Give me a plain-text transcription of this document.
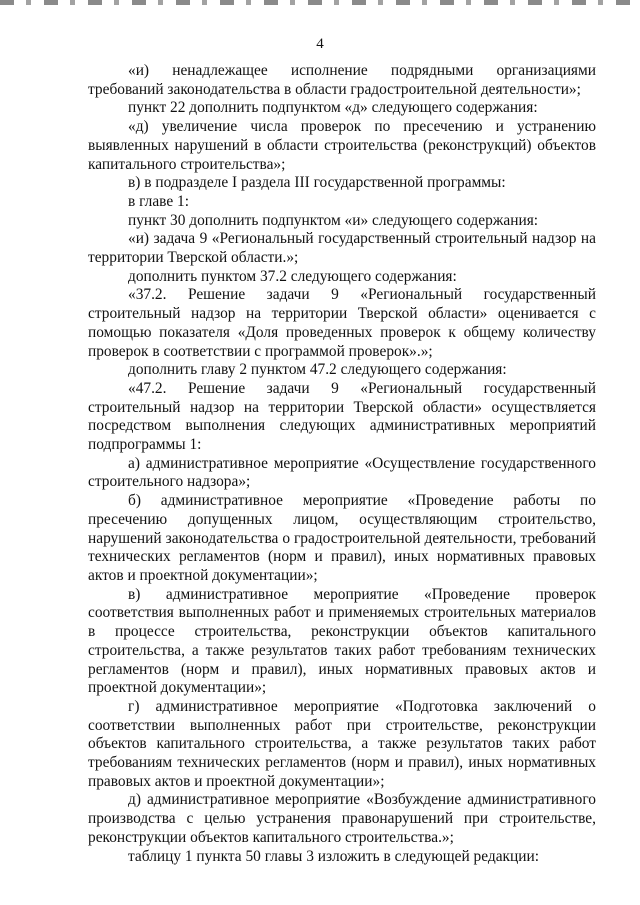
4

«и) ненадлежащее исполнение подрядными организациями требований законодательства в области градостроительной деятельности»;

пункт 22 дополнить подпунктом «д» следующего содержания:

«д) увеличение числа проверок по пресечению и устранению выявленных нарушений в области строительства (реконструкций) объектов капитального строительства»;

в) в подразделе I раздела III государственной программы:

в главе 1:

пункт 30 дополнить подпунктом «и» следующего содержания:

«и) задача 9 «Региональный государственный строительный надзор на территории Тверской области.»;

дополнить пунктом 37.2 следующего содержания:

«37.2. Решение задачи 9 «Региональный государственный строительный надзор на территории Тверской области» оценивается с помощью показателя «Доля проведенных проверок к общему количеству проверок в соответствии с программой проверок».»;

дополнить главу 2 пунктом 47.2 следующего содержания:

«47.2. Решение задачи 9 «Региональный государственный строительный надзор на территории Тверской области» осуществляется посредством выполнения следующих административных мероприятий подпрограммы 1:

а) административное мероприятие «Осуществление государственного строительного надзора»;

б) административное мероприятие «Проведение работы по пресечению допущенных лицом, осуществляющим строительство, нарушений законодательства о градостроительной деятельности, требований технических регламентов (норм и правил), иных нормативных правовых актов и проектной документации»;

в) административное мероприятие «Проведение проверок соответствия выполненных работ и применяемых строительных материалов в процессе строительства, реконструкции объектов капитального строительства, а также результатов таких работ требованиям технических регламентов (норм и правил), иных нормативных правовых актов и проектной документации»;

г) административное мероприятие «Подготовка заключений о соответствии выполненных работ при строительстве, реконструкции объектов капитального строительства, а также результатов таких работ требованиям технических регламентов (норм и правил), иных нормативных правовых актов и проектной документации»;

д) административное мероприятие «Возбуждение административного производства с целью устранения правонарушений при строительстве, реконструкции объектов капитального строительства.»;

таблицу 1 пункта 50 главы 3 изложить в следующей редакции:
